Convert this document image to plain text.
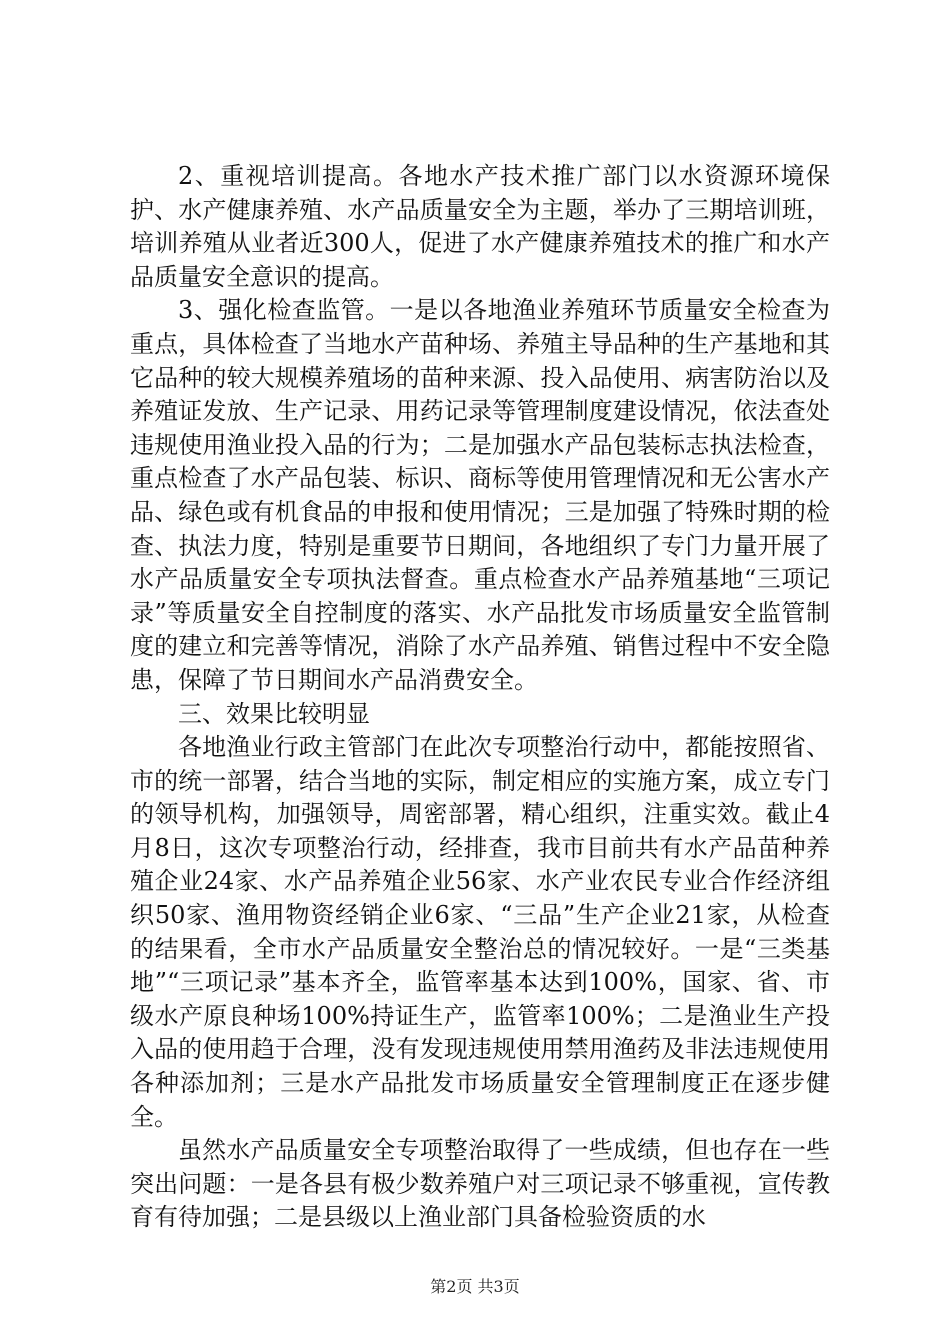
2、重视培训提高。各地水产技术推广部门以水资源环境保护、水产健康养殖、水产品质量安全为主题，举办了三期培训班，培训养殖从业者近300人，促进了水产健康养殖技术的推广和水产品质量安全意识的提高。

3、强化检查监管。一是以各地渔业养殖环节质量安全检查为重点，具体检查了当地水产苗种场、养殖主导品种的生产基地和其它品种的较大规模养殖场的苗种来源、投入品使用、病害防治以及养殖证发放、生产记录、用药记录等管理制度建设情况，依法查处违规使用渔业投入品的行为；二是加强水产品包装标志执法检查，重点检查了水产品包装、标识、商标等使用管理情况和无公害水产品、绿色或有机食品的申报和使用情况；三是加强了特殊时期的检查、执法力度，特别是重要节日期间，各地组织了专门力量开展了水产品质量安全专项执法督查。重点检查水产品养殖基地“三项记录”等质量安全自控制度的落实、水产品批发市场质量安全监管制度的建立和完善等情况，消除了水产品养殖、销售过程中不安全隐患，保障了节日期间水产品消费安全。

三、效果比较明显

各地渔业行政主管部门在此次专项整治行动中，都能按照省、市的统一部署，结合当地的实际，制定相应的实施方案，成立专门的领导机构，加强领导，周密部署，精心组织，注重实效。截止4月8日，这次专项整治行动，经排查，我市目前共有水产品苗种养殖企业24家、水产品养殖企业56家、水产业农民专业合作经济组织50家、渔用物资经销企业6家、“三品”生产企业21家，从检查的结果看，全市水产品质量安全整治总的情况较好。一是“三类基地”“三项记录”基本齐全，监管率基本达到100%，国家、省、市级水产原良种场100%持证生产，监管率100%；二是渔业生产投入品的使用趋于合理，没有发现违规使用禁用渔药及非法违规使用各种添加剂；三是水产品批发市场质量安全管理制度正在逐步健全。

虽然水产品质量安全专项整治取得了一些成绩，但也存在一些突出问题：一是各县有极少数养殖户对三项记录不够重视，宣传教育有待加强；二是县级以上渔业部门具备检验资质的水

第2页 共3页
